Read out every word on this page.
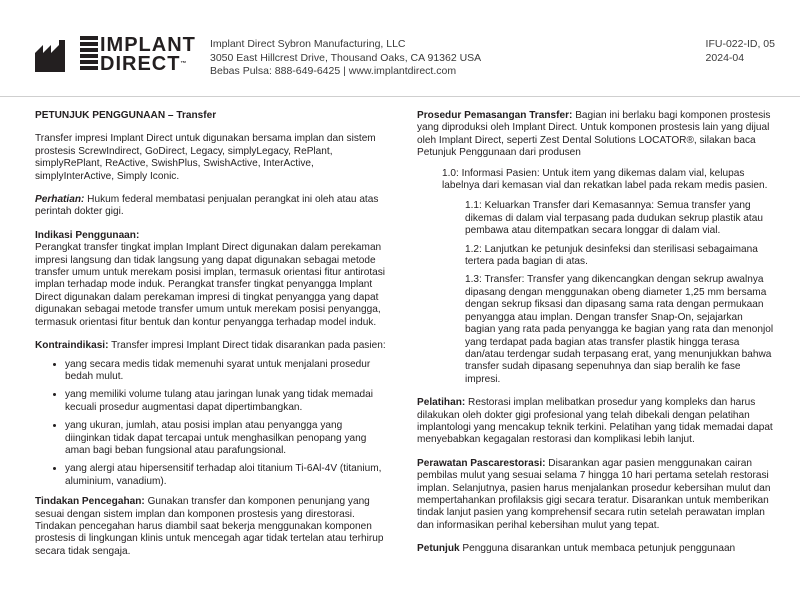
IMPLANT
DIRECT™
Implant Direct Sybron Manufacturing, LLC
3050 East Hillcrest Drive, Thousand Oaks, CA 91362 USA
Bebas Pulsa: 888-649-6425 | www.implantdirect.com
IFU-022-ID, 05
2024-04
PETUNJUK PENGGUNAAN – Transfer

Transfer impresi Implant Direct untuk digunakan bersama implan dan sistem prostesis ScrewIndirect, GoDirect, Legacy, simplyLegacy, RePlant, simplyRePlant, ReActive, SwishPlus, SwishActive, InterActive, simplyInterActive, Simply Iconic.

Perhatian: Hukum federal membatasi penjualan perangkat ini oleh atau atas perintah dokter gigi.

Indikasi Penggunaan:
Perangkat transfer tingkat implan Implant Direct digunakan dalam perekaman impresi langsung dan tidak langsung yang dapat digunakan sebagai metode transfer umum untuk merekam posisi implan, termasuk orientasi fitur antirotasi implan terhadap mode induk. Perangkat transfer tingkat penyangga Implant Direct digunakan dalam perekaman impresi di tingkat penyangga yang dapat digunakan sebagai metode transfer umum untuk merekam posisi penyangga, termasuk orientasi fitur bentuk dan kontur penyangga terhadap model induk.

Kontraindikasi: Transfer impresi Implant Direct tidak disarankan pada pasien:

• yang secara medis tidak memenuhi syarat untuk menjalani prosedur bedah mulut.
• yang memiliki volume tulang atau jaringan lunak yang tidak memadai kecuali prosedur augmentasi dapat dipertimbangkan.
• yang ukuran, jumlah, atau posisi implan atau penyangga yang diinginkan tidak dapat tercapai untuk menghasilkan penopang yang aman bagi beban fungsional atau parafungsional.
• yang alergi atau hipersensitif terhadap aloi titanium Ti-6Al-4V (titanium, aluminium, vanadium).

Tindakan Pencegahan: Gunakan transfer dan komponen penunjang yang sesuai dengan sistem implan dan komponen prostesis yang direstorasi. Tindakan pencegahan harus diambil saat bekerja menggunakan komponen prostesis di lingkungan klinis untuk mencegah agar tidak tertelan atau terhirup secara tidak sengaja.

Prosedur Pemasangan Transfer: Bagian ini berlaku bagi komponen prostesis yang diproduksi oleh Implant Direct. Untuk komponen prostesis lain yang dijual oleh Implant Direct, seperti Zest Dental Solutions LOCATOR®, silakan baca Petunjuk Penggunaan dari produsen

1.0: Informasi Pasien: Untuk item yang dikemas dalam vial, kelupas labelnya dari kemasan vial dan rekatkan label pada rekam medis pasien.
1.1: Keluarkan Transfer dari Kemasannya: Semua transfer yang dikemas di dalam vial terpasang pada dudukan sekrup plastik atau pembawa atau ditempatkan secara longgar di dalam vial.
1.2: Lanjutkan ke petunjuk desinfeksi dan sterilisasi sebagaimana tertera pada bagian di atas.
1.3: Transfer: Transfer yang dikencangkan dengan sekrup awalnya dipasang dengan menggunakan obeng diameter 1,25 mm bersama dengan sekrup fiksasi dan dipasang sama rata dengan permukaan penyangga atau implan. Dengan transfer Snap-On, sejajarkan bagian yang rata pada penyangga ke bagian yang rata dan menonjol yang terdapat pada bagian atas transfer plastik hingga terasa dan/atau terdengar sudah terpasang erat, yang menunjukkan bahwa transfer sudah dipasang sepenuhnya dan siap beralih ke fase impresi.

Pelatihan: Restorasi implan melibatkan prosedur yang kompleks dan harus dilakukan oleh dokter gigi profesional yang telah dibekali dengan pelatihan implantologi yang mencakup teknik terkini. Pelatihan yang tidak memadai dapat menyebabkan kegagalan restorasi dan komplikasi lebih lanjut.

Perawatan Pascarestorasi: Disarankan agar pasien menggunakan cairan pembilas mulut yang sesuai selama 7 hingga 10 hari pertama setelah restorasi implan. Selanjutnya, pasien harus menjalankan prosedur kebersihan mulut dan mempertahankan profilaksis gigi secara teratur. Disarankan untuk memberikan tindak lanjut pasien yang komprehensif secara rutin setelah perawatan implan dan informasikan perihal kebersihan mulut yang tepat.

Petunjuk Pengguna disarankan untuk membaca petunjuk penggunaan
